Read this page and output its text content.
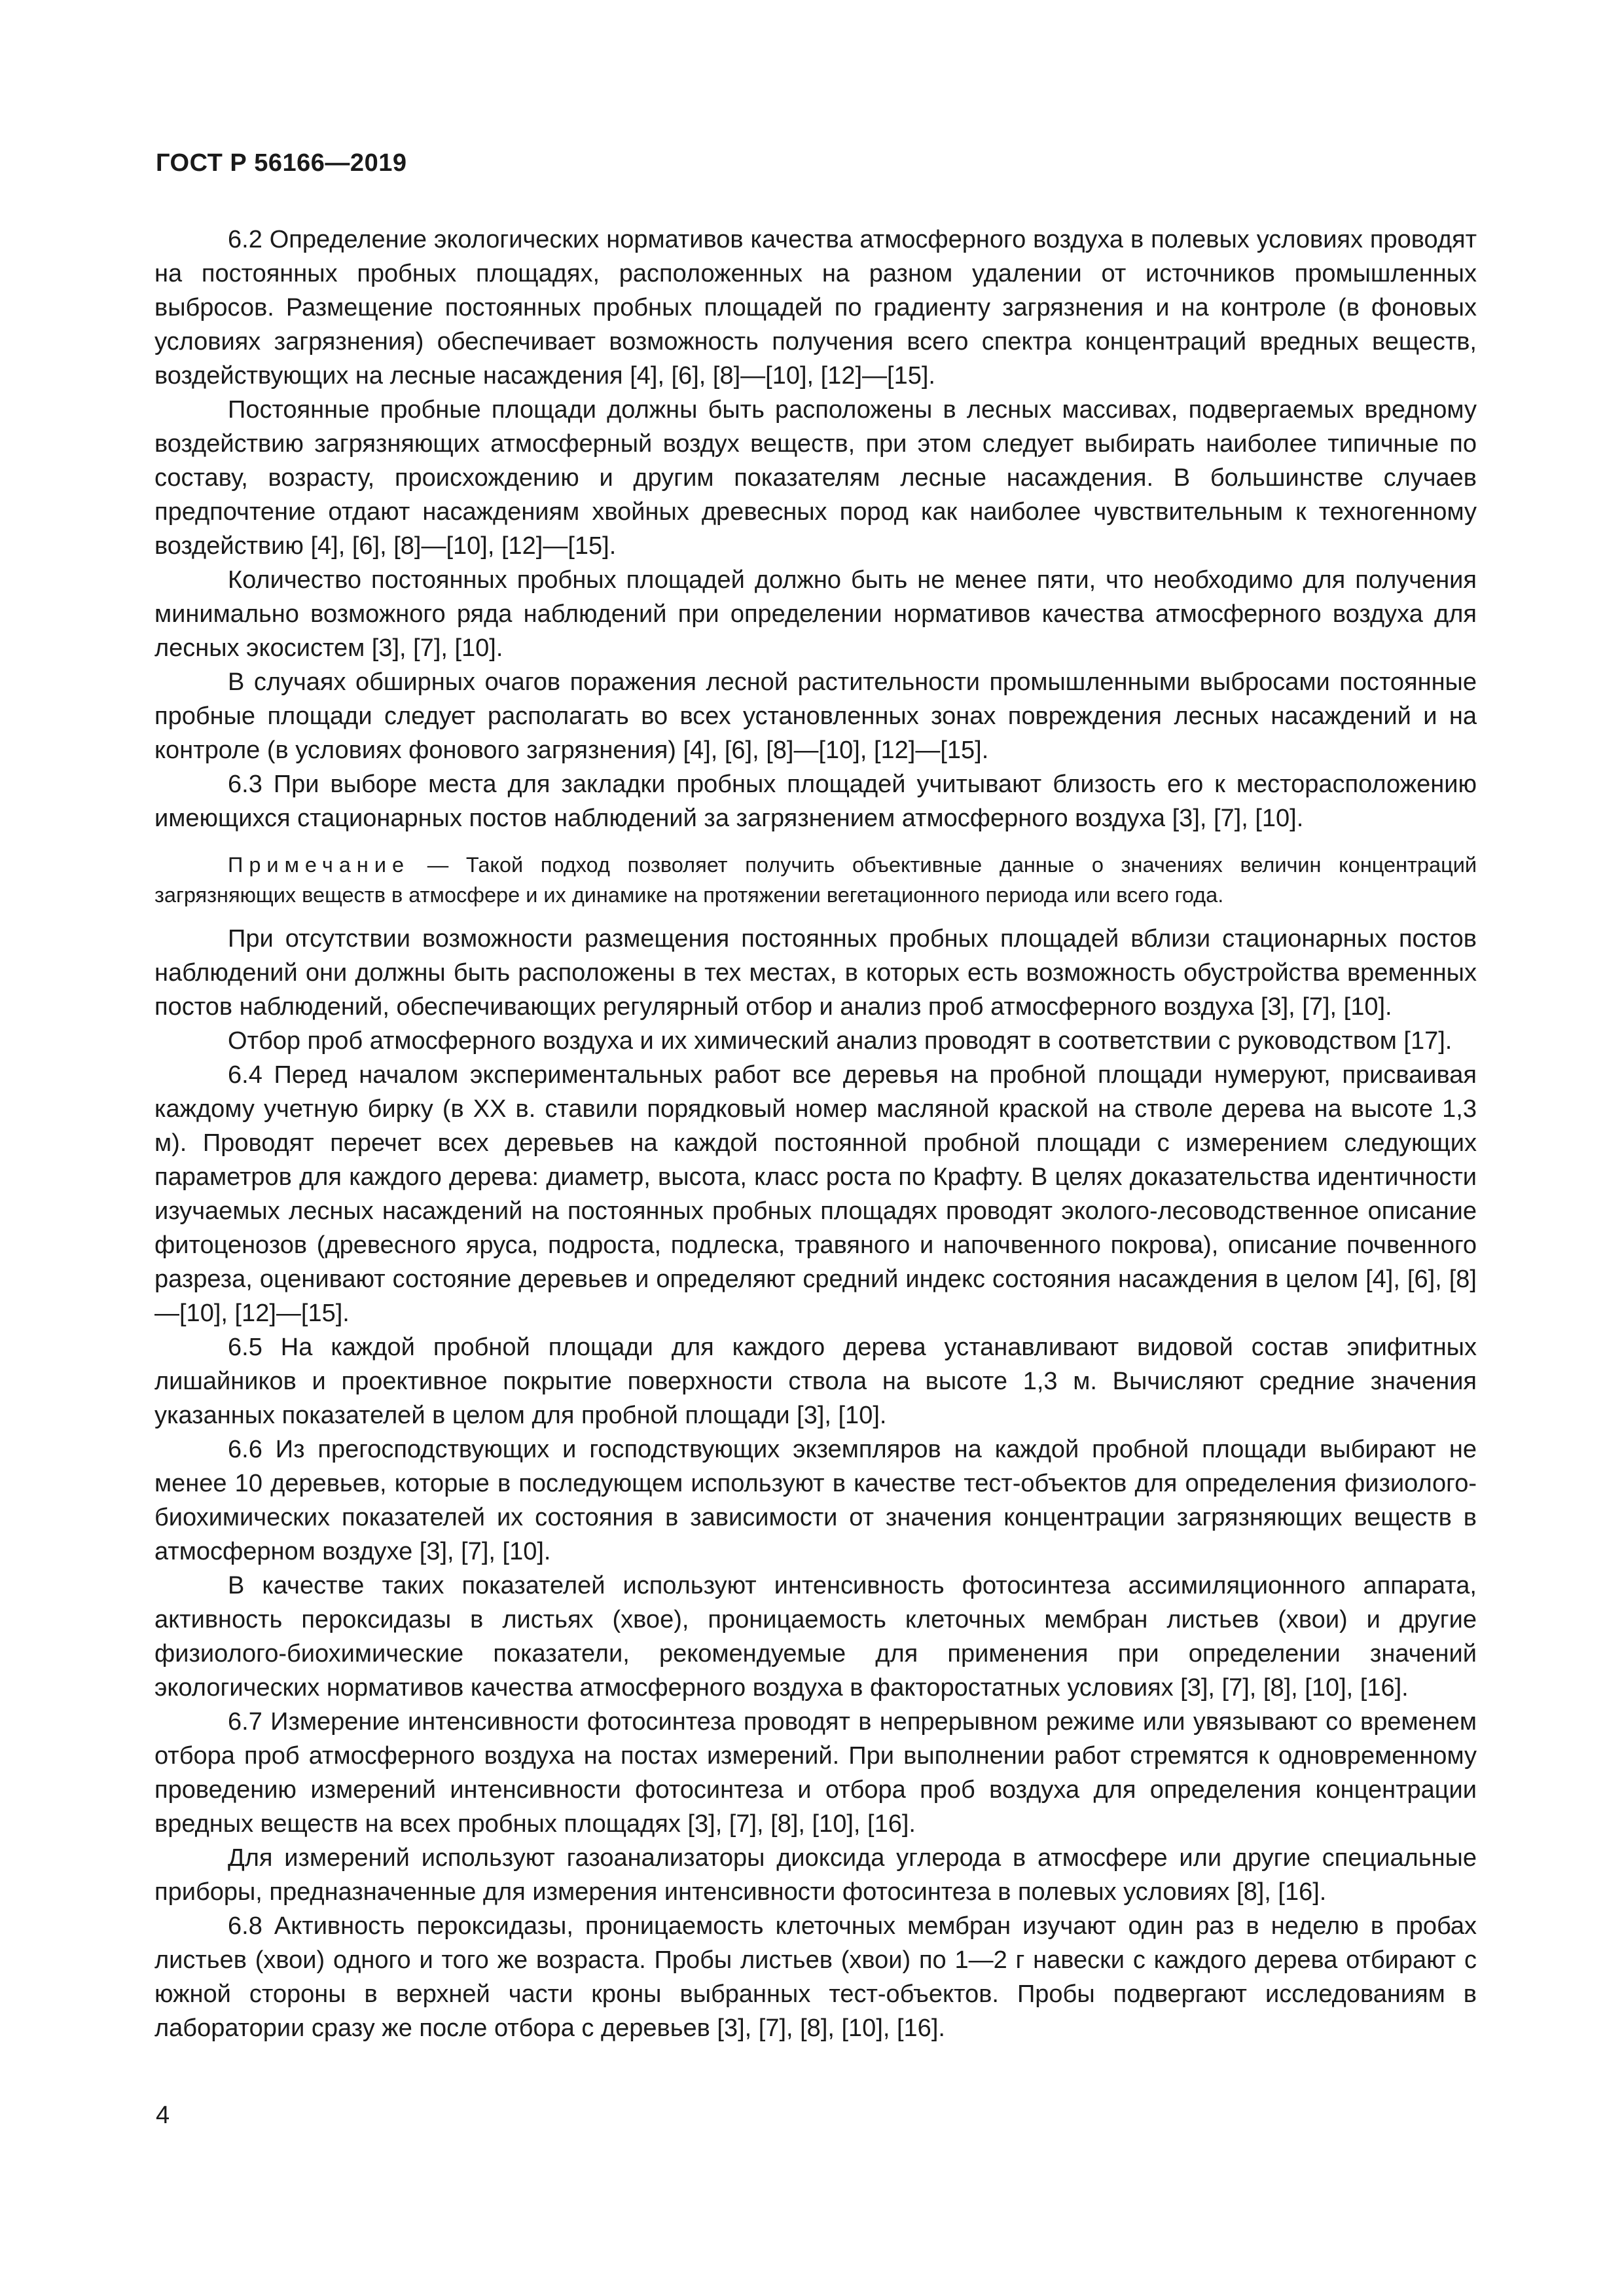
ГОСТ Р 56166—2019

6.2 Определение экологических нормативов качества атмосферного воздуха в полевых условиях проводят на постоянных пробных площадях, расположенных на разном удалении от источников промышленных выбросов. Размещение постоянных пробных площадей по градиенту загрязнения и на контроле (в фоновых условиях загрязнения) обеспечивает возможность получения всего спектра концентраций вредных веществ, воздействующих на лесные насаждения [4], [6], [8]—[10], [12]—[15].

Постоянные пробные площади должны быть расположены в лесных массивах, подвергаемых вредному воздействию загрязняющих атмосферный воздух веществ, при этом следует выбирать наиболее типичные по составу, возрасту, происхождению и другим показателям лесные насаждения. В большинстве случаев предпочтение отдают насаждениям хвойных древесных пород как наиболее чувствительным к техногенному воздействию [4], [6], [8]—[10], [12]—[15].

Количество постоянных пробных площадей должно быть не менее пяти, что необходимо для получения минимально возможного ряда наблюдений при определении нормативов качества атмосферного воздуха для лесных экосистем [3], [7], [10].

В случаях обширных очагов поражения лесной растительности промышленными выбросами постоянные пробные площади следует располагать во всех установленных зонах повреждения лесных насаждений и на контроле (в условиях фонового загрязнения) [4], [6], [8]—[10], [12]—[15].

6.3 При выборе места для закладки пробных площадей учитывают близость его к месторасположению имеющихся стационарных постов наблюдений за загрязнением атмосферного воздуха [3], [7], [10].

Примечание — Такой подход позволяет получить объективные данные о значениях величин концентраций загрязняющих веществ в атмосфере и их динамике на протяжении вегетационного периода или всего года.

При отсутствии возможности размещения постоянных пробных площадей вблизи стационарных постов наблюдений они должны быть расположены в тех местах, в которых есть возможность обустройства временных постов наблюдений, обеспечивающих регулярный отбор и анализ проб атмосферного воздуха [3], [7], [10].

Отбор проб атмосферного воздуха и их химический анализ проводят в соответствии с руководством [17].

6.4 Перед началом экспериментальных работ все деревья на пробной площади нумеруют, присваивая каждому учетную бирку (в XX в. ставили порядковый номер масляной краской на стволе дерева на высоте 1,3 м). Проводят перечет всех деревьев на каждой постоянной пробной площади с измерением следующих параметров для каждого дерева: диаметр, высота, класс роста по Крафту. В целях доказательства идентичности изучаемых лесных насаждений на постоянных пробных площадях проводят эколого-лесоводственное описание фитоценозов (древесного яруса, подроста, подлеска, травяного и напочвенного покрова), описание почвенного разреза, оценивают состояние деревьев и определяют средний индекс состояния насаждения в целом [4], [6], [8]—[10], [12]—[15].

6.5 На каждой пробной площади для каждого дерева устанавливают видовой состав эпифитных лишайников и проективное покрытие поверхности ствола на высоте 1,3 м. Вычисляют средние значения указанных показателей в целом для пробной площади [3], [10].

6.6 Из прегосподствующих и господствующих экземпляров на каждой пробной площади выбирают не менее 10 деревьев, которые в последующем используют в качестве тест-объектов для определения физиолого-биохимических показателей их состояния в зависимости от значения концентрации загрязняющих веществ в атмосферном воздухе [3], [7], [10].

В качестве таких показателей используют интенсивность фотосинтеза ассимиляционного аппарата, активность пероксидазы в листьях (хвое), проницаемость клеточных мембран листьев (хвои) и другие физиолого-биохимические показатели, рекомендуемые для применения при определении значений экологических нормативов качества атмосферного воздуха в факторостатных условиях [3], [7], [8], [10], [16].

6.7 Измерение интенсивности фотосинтеза проводят в непрерывном режиме или увязывают со временем отбора проб атмосферного воздуха на постах измерений. При выполнении работ стремятся к одновременному проведению измерений интенсивности фотосинтеза и отбора проб воздуха для определения концентрации вредных веществ на всех пробных площадях [3], [7], [8], [10], [16].

Для измерений используют газоанализаторы диоксида углерода в атмосфере или другие специальные приборы, предназначенные для измерения интенсивности фотосинтеза в полевых условиях [8], [16].

6.8 Активность пероксидазы, проницаемость клеточных мембран изучают один раз в неделю в пробах листьев (хвои) одного и того же возраста. Пробы листьев (хвои) по 1—2 г навески с каждого дерева отбирают с южной стороны в верхней части кроны выбранных тест-объектов. Пробы подвергают исследованиям в лаборатории сразу же после отбора с деревьев [3], [7], [8], [10], [16].

4
